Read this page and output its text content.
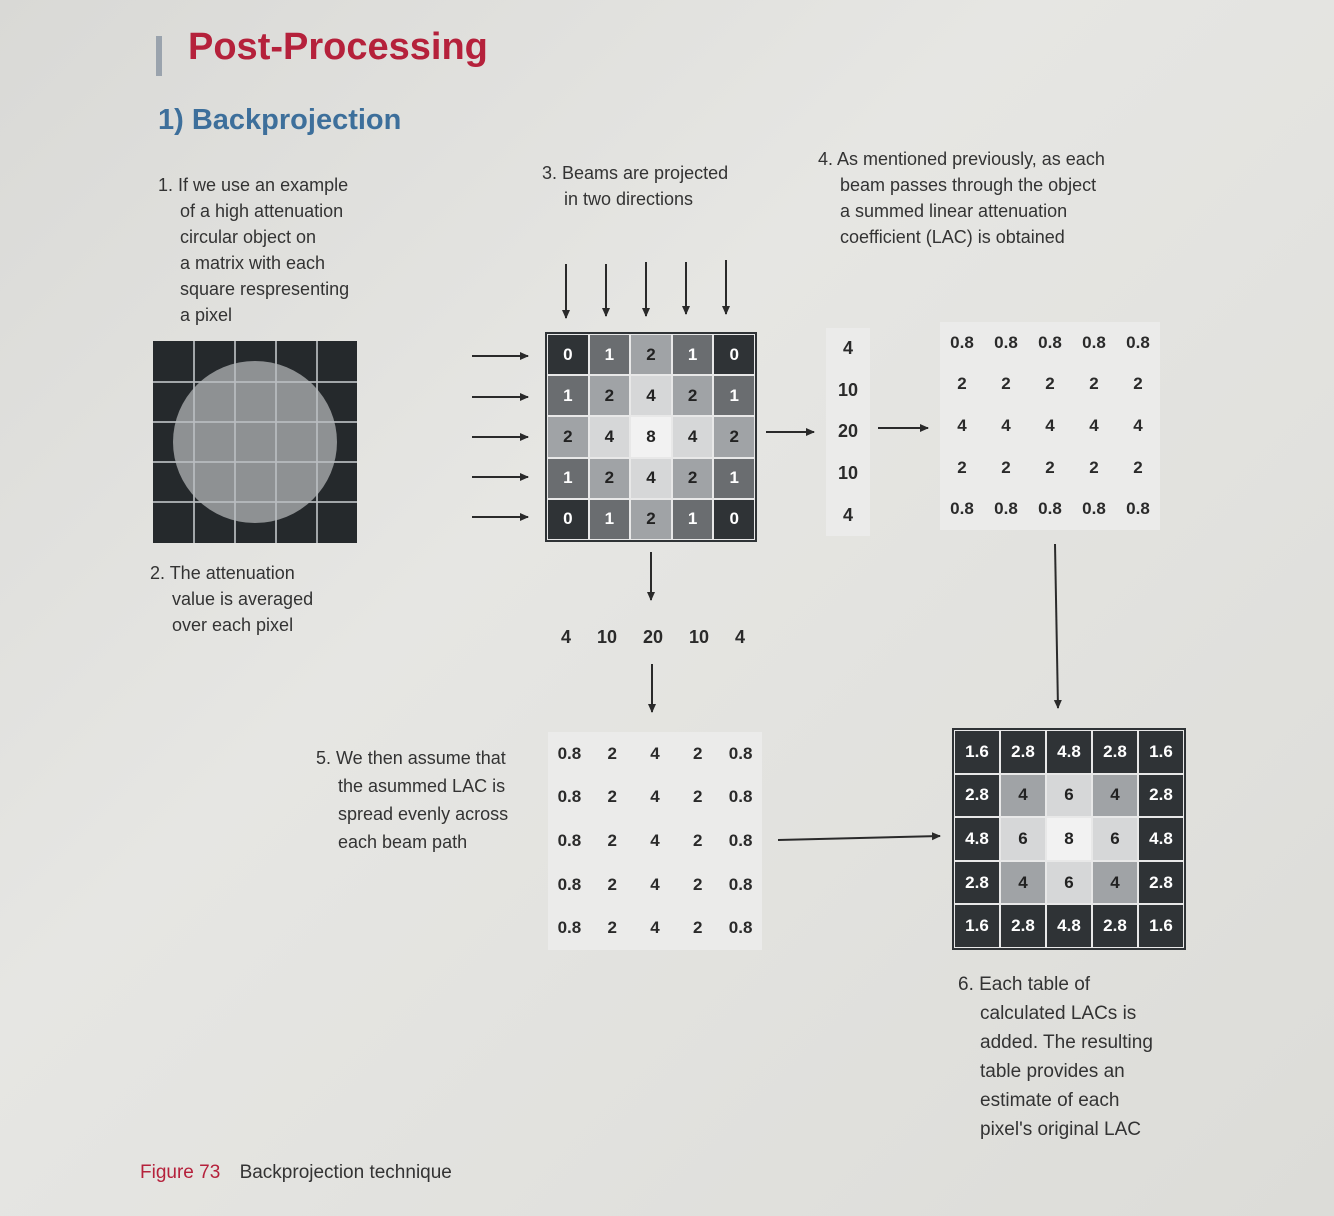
Post-Processing
1) Backprojection
1. If we use an example
of a high attenuation
circular object on
a matrix with each
square respresenting
a pixel
2. The attenuation
value is averaged
over each pixel
3. Beams are projected
in two directions
4. As mentioned previously, as each
beam passes through the object
a summed linear attenuation
coefficient (LAC) is obtained
0	1	2	1	0
1	2	4	2	1
2	4	8	4	2
1	2	4	2	1
0	1	2	1	0
4
10
20
10
4
0.8	0.8	0.8	0.8	0.8
2	2	2	2	2
4	4	4	4	4
2	2	2	2	2
0.8	0.8	0.8	0.8	0.8
4 10 20 10 4
5. We then assume that
the asummed LAC is
spread evenly across
each beam path
0.8	2	4	2	0.8
0.8	2	4	2	0.8
0.8	2	4	2	0.8
0.8	2	4	2	0.8
0.8	2	4	2	0.8
1.6	2.8	4.8	2.8	1.6
2.8	4	6	4	2.8
4.8	6	8	6	4.8
2.8	4	6	4	2.8
1.6	2.8	4.8	2.8	1.6
6. Each table of
calculated LACs is
added. The resulting
table provides an
estimate of each
pixel's original LAC
Figure 73 Backprojection technique
